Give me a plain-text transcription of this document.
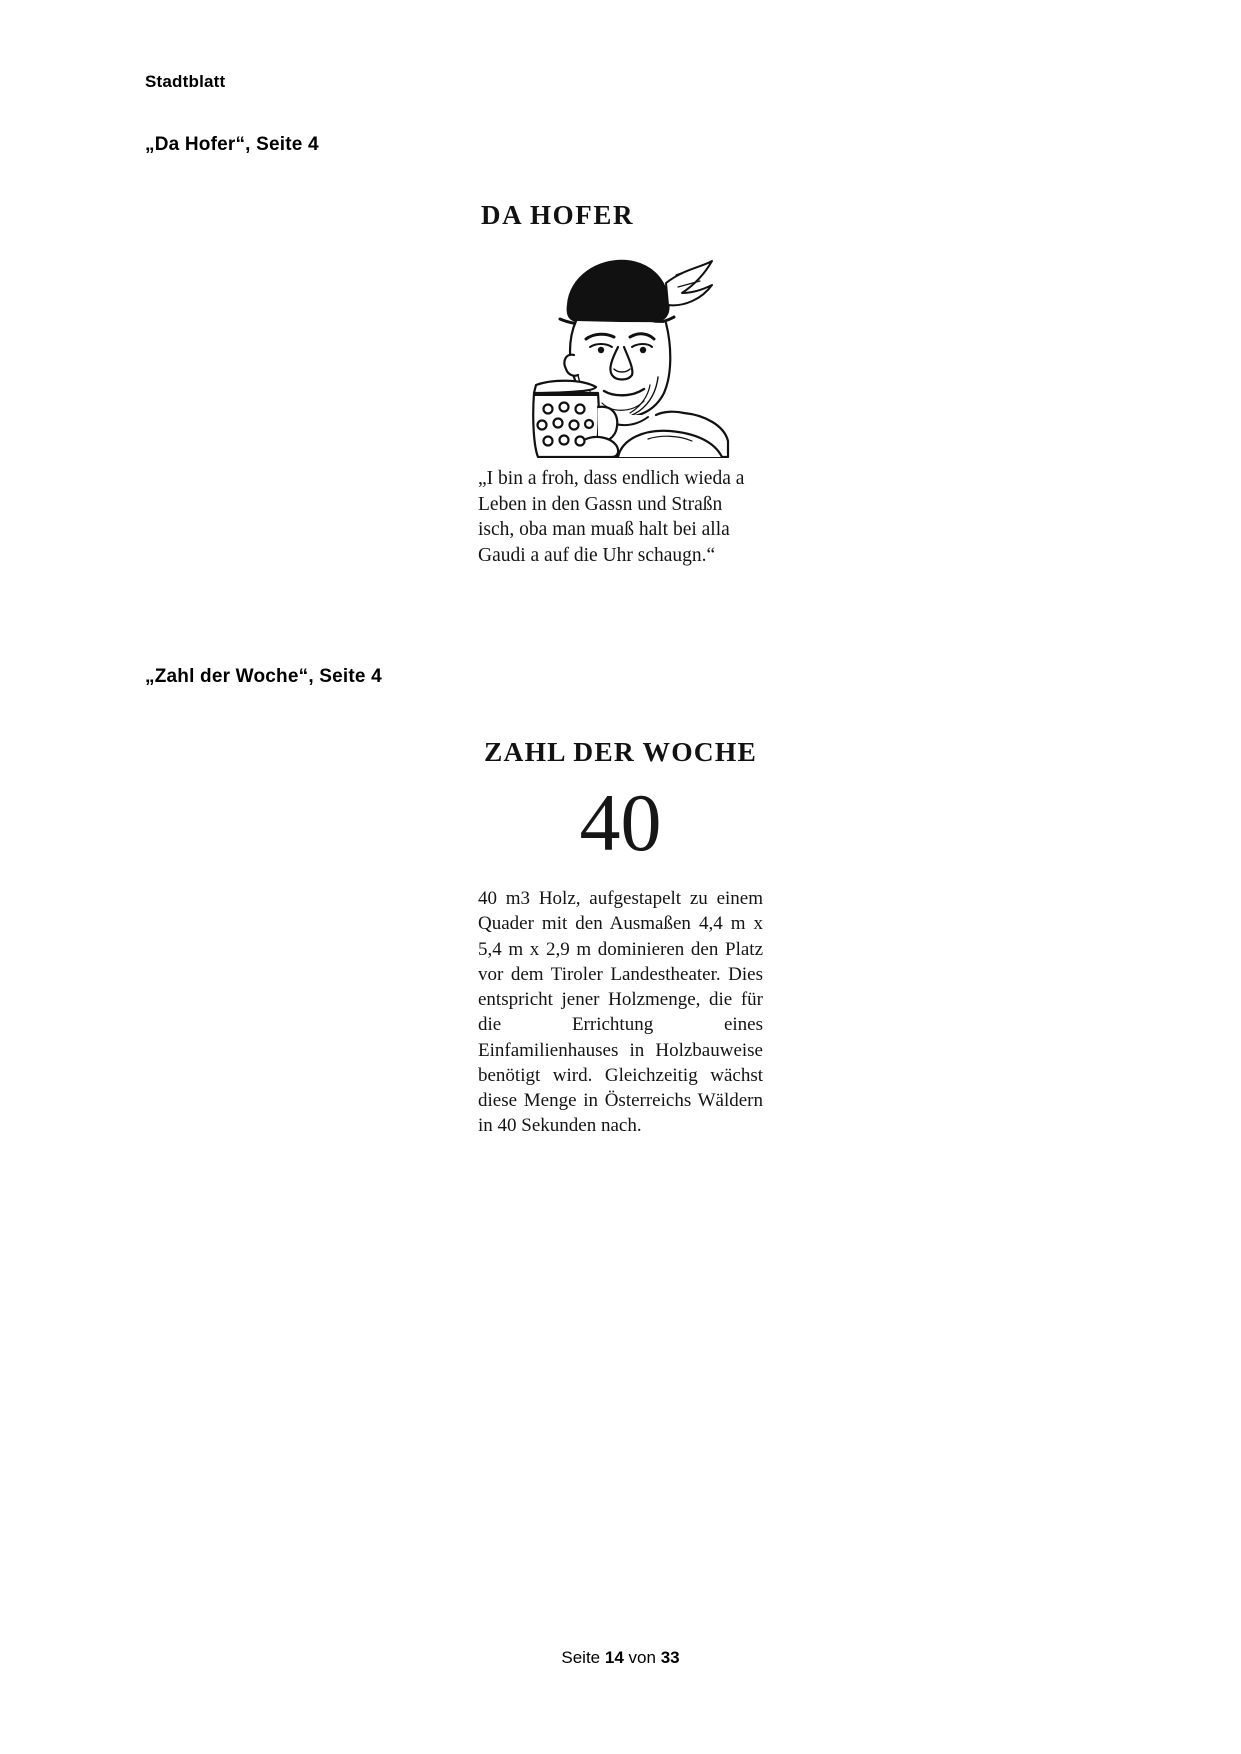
Stadtblatt
„Da Hofer“, Seite 4
DA HOFER
„I bin a froh, dass endlich wieda a Leben in den Gassn und Straßn isch, oba man muaß halt bei alla Gaudi a auf die Uhr schaugn.“
„Zahl der Woche“, Seite 4
ZAHL DER WOCHE
40
40 m3 Holz, aufgestapelt zu einem Quader mit den Ausmaßen 4,4 m x 5,4 m x 2,9 m dominieren den Platz vor dem Tiroler Landestheater. Dies entspricht jener Holzmenge, die für die Errichtung eines Einfamilienhauses in Holzbauweise benötigt wird. Gleichzeitig wächst diese Menge in Österreichs Wäldern in 40 Sekunden nach.
Seite 14 von 33
